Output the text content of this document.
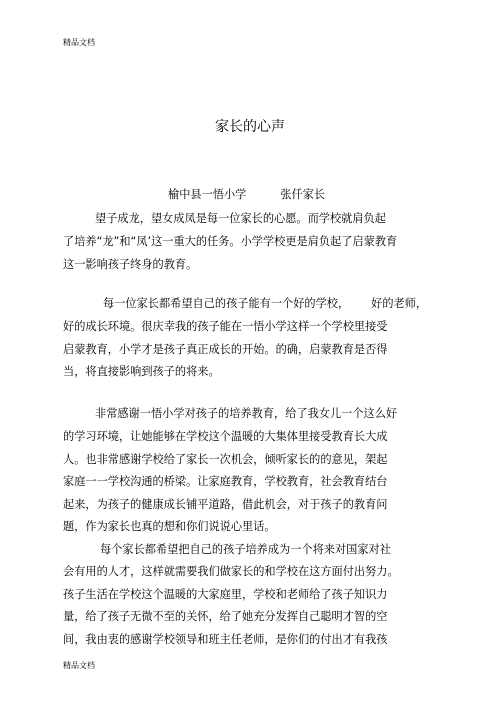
精品文档
家长的心声
榆中县一悟小学	张仟家长
望子成龙，望女成凤是每一位家长的心愿。而学校就肩负起
了培养“龙”和“凤’这一重大的任务。小学学校更是肩负起了启蒙教育
这一影响孩子终身的教育。
每一位家长都希望自己的孩子能有一个好的学校， 好的老师，
好的成长环境。很庆幸我的孩子能在一悟小学这样一个学校里接受
启蒙教育，小学才是孩子真正成长的开始。的确，启蒙教育是否得
当，将直接影响到孩子的将来。
非常感谢一悟小学对孩子的培养教育，给了我女儿一个这么好
的学习环境，让她能够在学校这个温暖的大集体里接受教育长大成
人。也非常感谢学校给了家长一次机会，倾听家长的的意见，架起
家庭一一学校沟通的桥梁。让家庭教育，学校教育，社会教育结台
起来，为孩子的健康成长铺平道路，借此机会，对于孩子的教育问
题，作为家长也真的想和你们说说心里话。
每个家长都希望把自己的孩子培养成为一个将来对国家对社
会有用的人才，这样就需要我们做家长的和学校在这方面付出努力。
孩子生活在学校这个温暖的大家庭里，学校和老师给了孩子知识力
量，给了孩子无微不至的关怀，给了她充分发挥自己聪明才智的空
间，我由衷的感谢学校领导和班主任老师，是你们的付出才有我孩
精品文档
